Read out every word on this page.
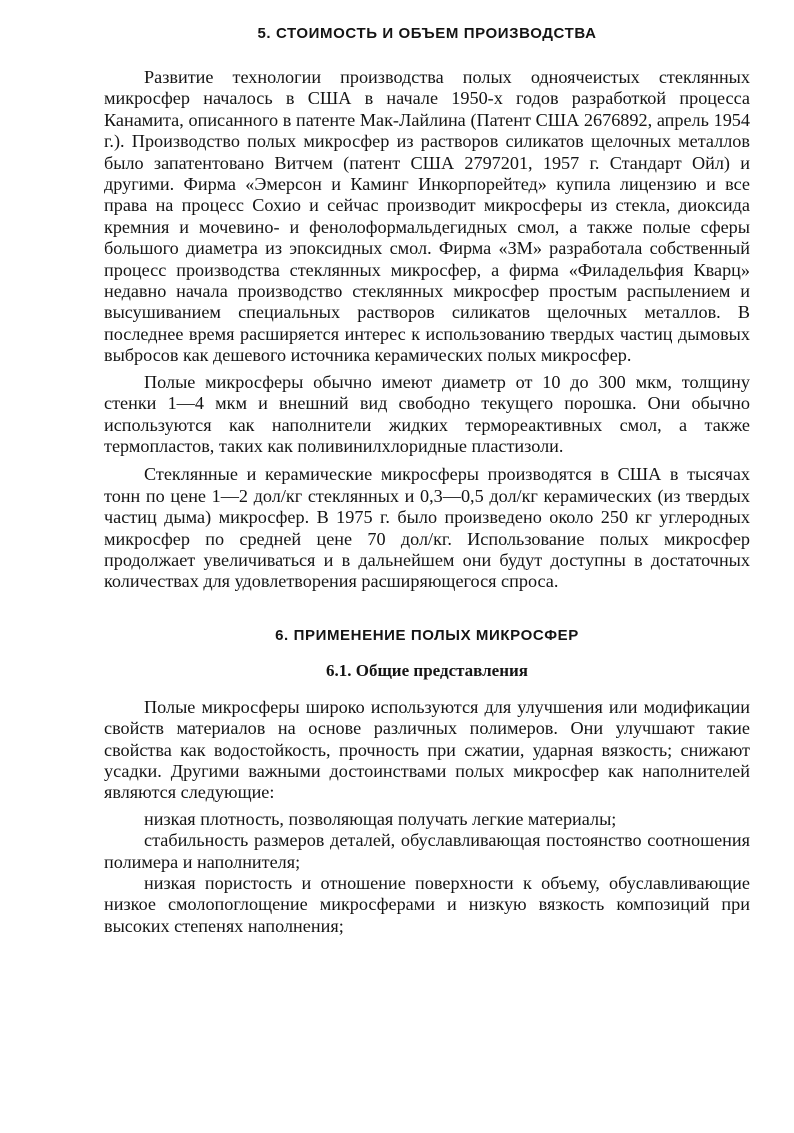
5. СТОИМОСТЬ И ОБЪЕМ ПРОИЗВОДСТВА

Развитие технологии производства полых одноячеистых стеклянных микросфер началось в США в начале 1950-х годов разработкой процесса Канамита, описанного в патенте Мак-Лайлина (Патент США 2676892, апрель 1954 г.). Производство полых микросфер из растворов силикатов щелочных металлов было запатентовано Витчем (патент США 2797201, 1957 г. Стандарт Ойл) и другими. Фирма «Эмерсон и Каминг Инкорпорейтед» купила лицензию и все права на процесс Сохио и сейчас производит микросферы из стекла, диоксида кремния и мочевино- и фенолоформальдегидных смол, а также полые сферы большого диаметра из эпоксидных смол. Фирма «ЗМ» разработала собственный процесс производства стеклянных микросфер, а фирма «Филадельфия Кварц» недавно начала производство стеклянных микросфер простым распылением и высушиванием специальных растворов силикатов щелочных металлов. В последнее время расширяется интерес к использованию твердых частиц дымовых выбросов как дешевого источника керамических полых микросфер.

Полые микросферы обычно имеют диаметр от 10 до 300 мкм, толщину стенки 1—4 мкм и внешний вид свободно текущего порошка. Они обычно используются как наполнители жидких термореактивных смол, а также термопластов, таких как поливинилхлоридные пластизоли.

Стеклянные и керамические микросферы производятся в США в тысячах тонн по цене 1—2 дол/кг стеклянных и 0,3—0,5 дол/кг керамических (из твердых частиц дыма) микросфер. В 1975 г. было произведено около 250 кг углеродных микросфер по средней цене 70 дол/кг. Использование полых микросфер продолжает увеличиваться и в дальнейшем они будут доступны в достаточных количествах для удовлетворения расширяющегося спроса.

6. ПРИМЕНЕНИЕ ПОЛЫХ МИКРОСФЕР
6.1. Общие представления

Полые микросферы широко используются для улучшения или модификации свойств материалов на основе различных полимеров. Они улучшают такие свойства как водостойкость, прочность при сжатии, ударная вязкость; снижают усадки. Другими важными достоинствами полых микросфер как наполнителей являются следующие:

низкая плотность, позволяющая получать легкие материалы;

стабильность размеров деталей, обуславливающая постоянство соотношения полимера и наполнителя;

низкая пористость и отношение поверхности к объему, обуславливающие низкое смолопоглощение микросферами и низкую вязкость композиций при высоких степенях наполнения;
